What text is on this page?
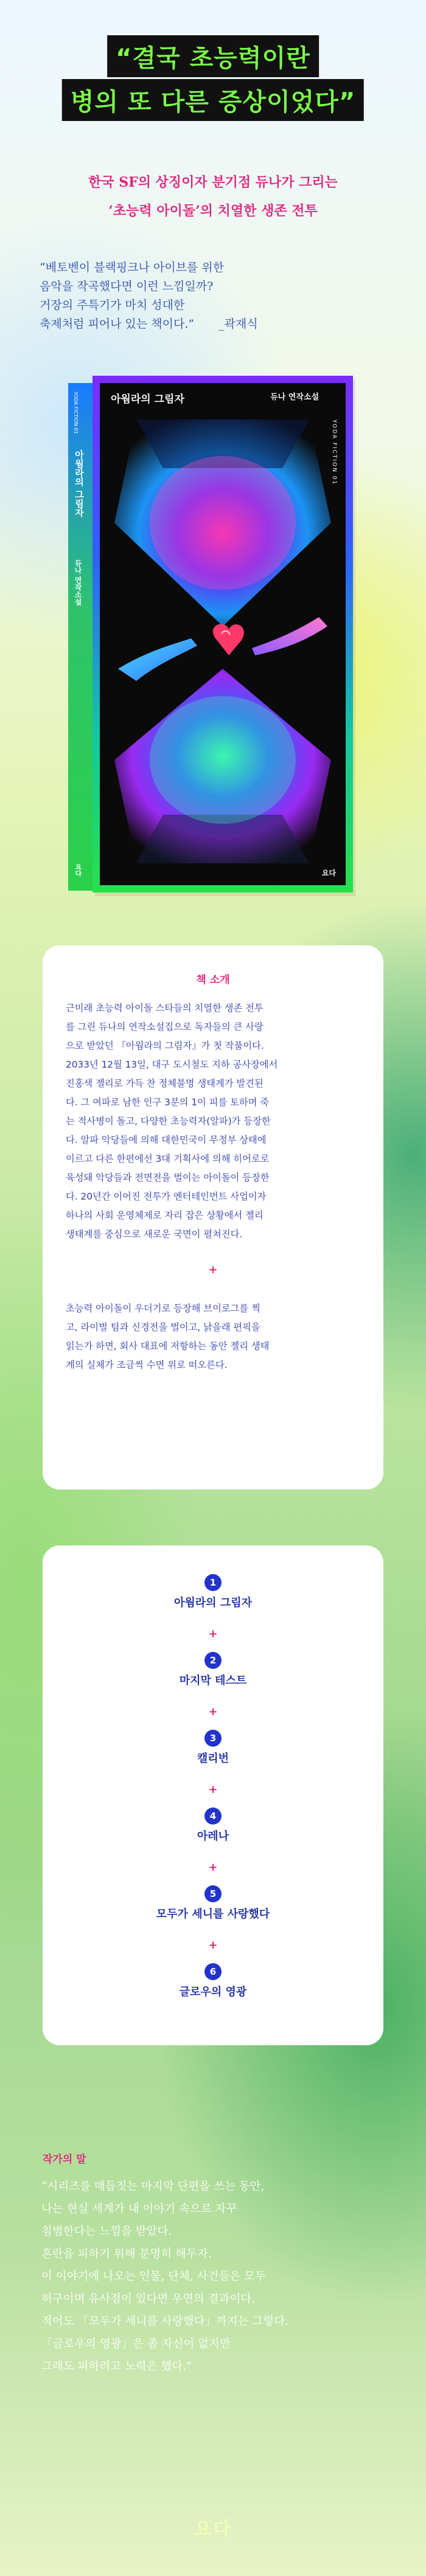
“결국 초능력이란
병의 또 다른 증상이었다”
한국 SF의 상징이자 분기점 듀나가 그리는
‘초능력 아이돌’의 치열한 생존 전투

“베토벤이 블랙핑크나 아이브를 위한

음악을 작곡했다면 이런 느낌일까?

거장의 주특기가 마치 성대한

축제처럼 피어나 있는 책이다.” _곽재식

YODA FICTION 01
아웜라의 그림자
듀나 연작소설
요다
아웜라의 그림자	듀나 연작소설
YODA FICTION 01
요다
책 소개

근미래 초능력 아이돌 스타들의 치열한 생존 전투

를 그린 듀나의 연작소설집으로 독자들의 큰 사랑

으로 받았던 『아웜라의 그림자』가 첫 작품이다.

2033년 12월 13일, 대구 도시철도 지하 공사장에서

진홍색 젤리로 가득 찬 정체불명 생태계가 발견된

다. 그 여파로 남한 인구 3분의 1이 피를 토하며 죽

는 적사병이 돌고, 다양한 초능력자(알파)가 등장한

다. 알파 악당들에 의해 대한민국이 무정부 상태에

이르고 다른 한편에선 3대 기획사에 의해 히어로로

육성돼 악당들과 전면전을 벌이는 아이돌이 등장한

다. 20년간 이어진 전투가 엔터테인먼트 사업이자

하나의 사회 운영체제로 자리 잡은 상황에서 젤리

생태계를 중심으로 새로운 국면이 펼쳐진다.

+

초능력 아이돌이 우더기로 등장해 브이로그를 찍

고, 라이벌 팀과 신경전을 벌이고, 낡을래 편픽을

읽는가 하면, 회사 대표에 저항하는 동안 젤리 생태

계의 실체가 조금씩 수면 위로 떠오른다.

1
아웜라의 그림자
+
2
마지막 테스트
+
3
캘리번
+
4
아레나
+
5
모두가 세니를 사랑했다
+
6
글로우의 영광
작가의 말

“시리즈를 매듭짓는 마지막 단편을 쓰는 동안,

나는 현실 세계가 내 이야기 속으로 자꾸

침범한다는 느낌을 받았다.

혼란을 피하기 위해 분명히 해두자.

이 이야기에 나오는 인물, 단체, 사건들은 모두

허구이며 유사점이 있다면 우연의 결과이다.

적어도 「모두가 세니를 사랑했다」까지는 그렇다.

「글로우의 영광」은 좀 자신이 없지만

그래도 피하려고 노력은 했다.”

요다
